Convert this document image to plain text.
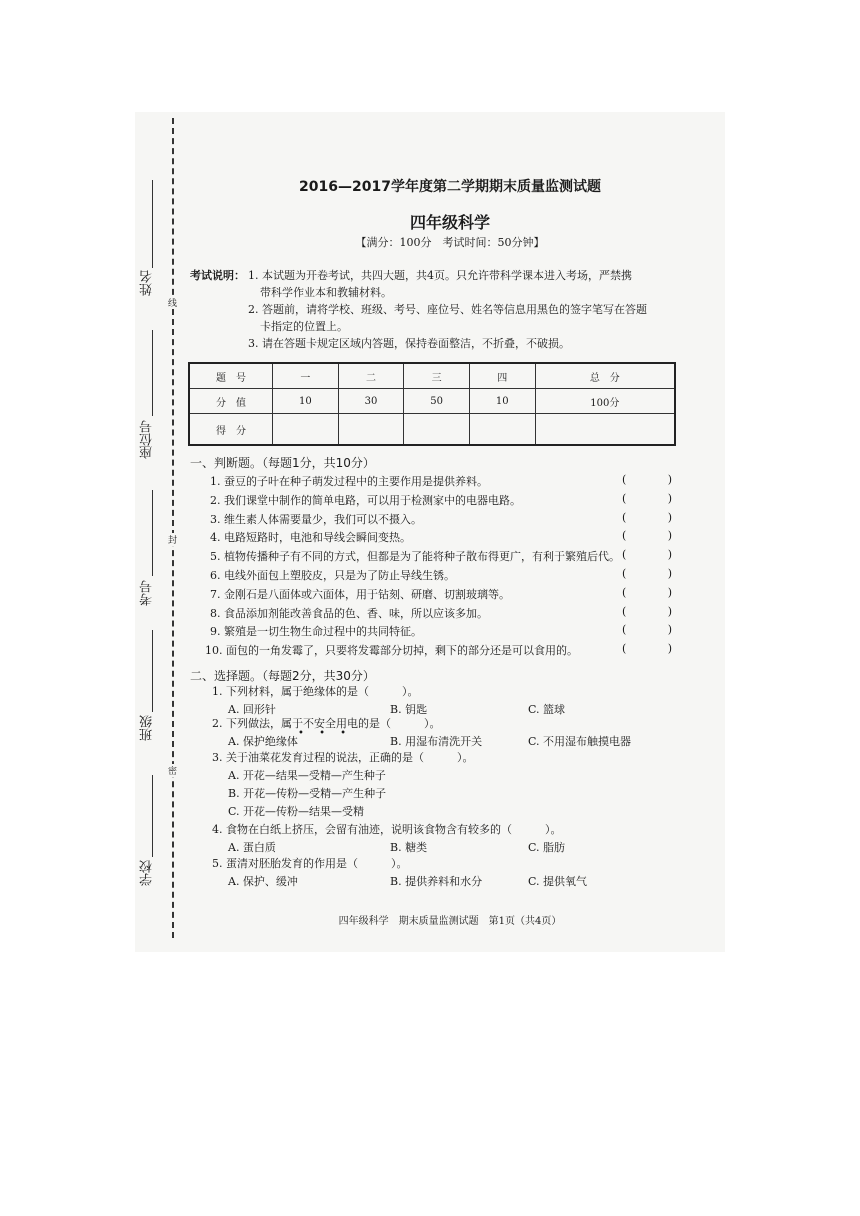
姓名
座位号
考号
班级
学校
线
封
密
2016—2017学年度第二学期期末质量监测试题
四年级科学
【满分：100分　考试时间：50分钟】
考试说明： 1. 本试题为开卷考试，共四大题，共4页。只允许带科学课本进入考场，严禁携
带科学作业本和教辅材料。
2. 答题前，请将学校、班级、考号、座位号、姓名等信息用黑色的签字笔写在答题
卡指定的位置上。
3. 请在答题卡规定区域内答题，保持卷面整洁，不折叠，不破损。
题　号	一	二	三	四	总　分
分　值	10	30	50	10	100分
得　分					
一、判断题。（每题1分，共10分）
1. 蚕豆的子叶在种子萌发过程中的主要作用是提供养料。	(	)
2. 我们课堂中制作的简单电路，可以用于检测家中的电器电路。	(	)
3. 维生素人体需要量少，我们可以不摄入。	(	)
4. 电路短路时，电池和导线会瞬间变热。	(	)
5. 植物传播种子有不同的方式，但都是为了能将种子散布得更广，有利于繁殖后代。 (	)
6. 电线外面包上塑胶皮，只是为了防止导线生锈。	(	)
7. 金刚石是八面体或六面体，用于钻刻、研磨、切割玻璃等。	(	)
8. 食品添加剂能改善食品的色、香、味，所以应该多加。	(	)
9. 繁殖是一切生物生命过程中的共同特征。	(	)
10. 面包的一角发霉了，只要将发霉部分切掉，剩下的部分还是可以食用的。	(	)
二、选择题。（每题2分，共30分）
1. 下列材料，属于绝缘体的是（　　　）。
A. 回形针	B. 钥匙	C. 篮球
2. 下列做法，属于不安全用电的是（　　　）。
A. 保护绝缘体	B. 用湿布清洗开关	C. 不用湿布触摸电器
3. 关于油菜花发育过程的说法，正确的是（　　　）。
A. 开花—结果—受精—产生种子
B. 开花—传粉—受精—产生种子
C. 开花—传粉—结果—受精
4. 食物在白纸上挤压，会留有油迹，说明该食物含有较多的（　　　）。
A. 蛋白质	B. 糖类	C. 脂肪
5. 蛋清对胚胎发育的作用是（　　　）。
A. 保护、缓冲	B. 提供养料和水分	C. 提供氧气
• • •
四年级科学　期末质量监测试题　第1页（共4页）
